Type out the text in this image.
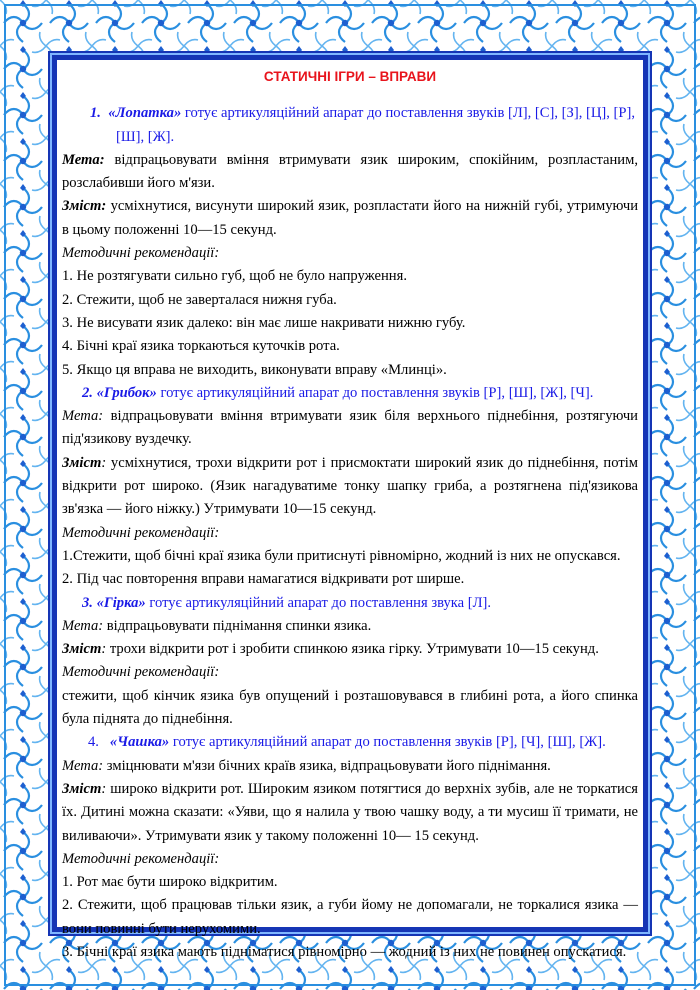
СТАТИЧНІ ІГРИ – ВПРАВИ

1. «Лопатка» готує артикуляційний апарат до поставлення звуків [Л], [С], [З], [Ц], [Р], [Ш], [Ж].

Мета: відпрацьовувати вміння втримувати язик широким, спокійним, розпластаним, розслабивши його м'язи.

Зміст: усміхнутися, висунути широкий язик, розпластати його на нижній губі, утримуючи в цьому положенні 10—15 секунд.

Методичні рекомендації:

1. Не розтягувати сильно губ, щоб не було напруження.

2. Стежити, щоб не заверталася нижня губа.

3. Не висувати язик далеко: він має лише накривати нижню губу.

4. Бічні краї язика торкаються куточків рота.

5. Якщо ця вправа не виходить, виконувати вправу «Млинці».

2. «Грибок» готує артикуляційний апарат до поставлення звуків [Р], [Ш], [Ж], [Ч].

Мета: відпрацьовувати вміння втримувати язик біля верхнього піднебіння, розтягуючи під'язикову вуздечку.

Зміст: усміхнутися, трохи відкрити рот і присмоктати широкий язик до піднебіння, потім відкрити рот широко. (Язик нагадуватиме тонку шапку гриба, а розтягнена під'язикова зв'язка — його ніжку.) Утримувати 10—15 секунд.

Методичні рекомендації:

1.Стежити, щоб бічні краї язика були притиснуті рівномірно, жодний із них не опускався.

2. Під час повторення вправи намагатися відкривати рот ширше.

3. «Гірка» готує артикуляційний апарат до поставлення звука [Л].

Мета: відпрацьовувати піднімання спинки язика.

Зміст: трохи відкрити рот і зробити спинкою язика гірку. Утримувати 10—15 секунд.

Методичні рекомендації:

стежити, щоб кінчик язика був опущений і розташовувався в глибині рота, а його спинка була піднята до піднебіння.

4. «Чашка» готує артикуляційний апарат до поставлення звуків [Р], [Ч], [Ш], [Ж].

Мета: зміцнювати м'язи бічних країв язика, відпрацьовувати його піднімання.

Зміст: широко відкрити рот. Широким язиком потягтися до верхніх зубів, але не торкатися їх. Дитині можна сказати: «Уяви, що я налила у твою чашку воду, а ти мусиш її тримати, не виливаючи». Утримувати язик у такому положенні 10— 15 секунд.

Методичні рекомендації:

1. Рот має бути широко відкритим.

2. Стежити, щоб працював тільки язик, а губи йому не допомагали, не торкалися язика — вони повинні бути нерухомими.

3. Бічні краї язика мають підніматися рівномірно — жодний із них не повинен опускатися.
